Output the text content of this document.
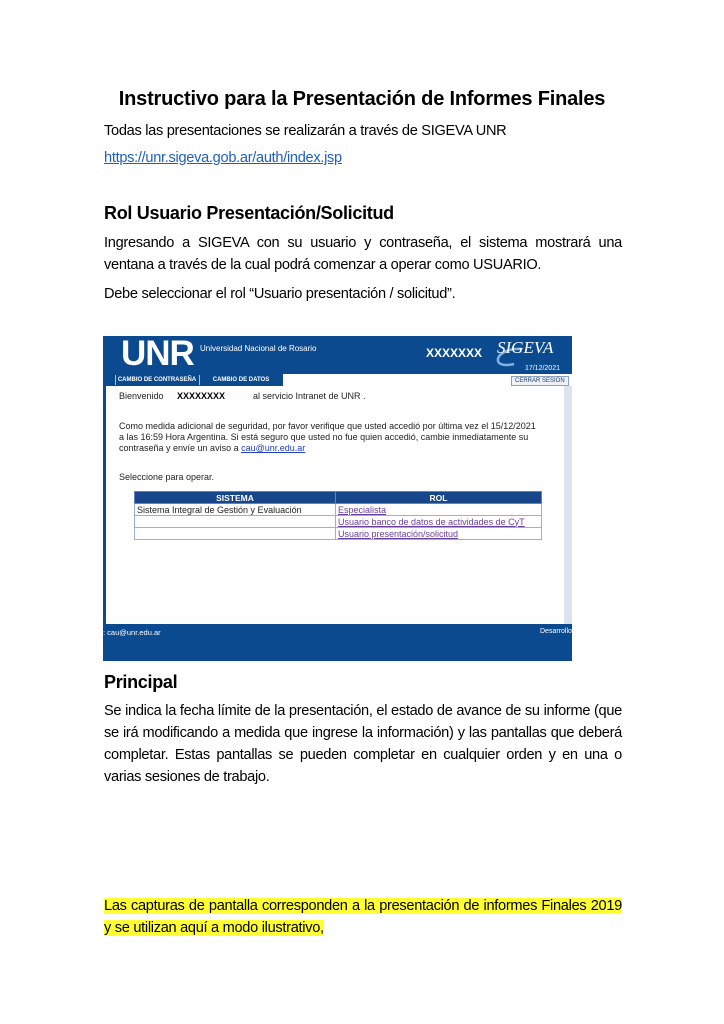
Instructivo para la Presentación de Informes Finales
Todas las presentaciones se realizarán a través de SIGEVA UNR
https://unr.sigeva.gob.ar/auth/index.jsp
Rol Usuario Presentación/Solicitud
Ingresando a SIGEVA con su usuario y contraseña, el sistema mostrará una ventana a través de la cual podrá comenzar a operar como USUARIO.
Debe seleccionar el rol “Usuario presentación / solicitud”.
UNR Universidad Nacional de Rosario	XXXXXXX SIGEVA
17/12/2021
CAMBIO DE CONTRASEÑA	CAMBIO DE DATOS	CERRAR SESIÓN
Bienvenido XXXXXXXX	al servicio Intranet de UNR .
Como medida adicional de seguridad, por favor verifique que usted accedió por última vez el 15/12/2021
a las 16:59 Hora Argentina. Si está seguro que usted no fue quien accedió, cambie inmediatamente su
contraseña y envíe un aviso a cau@unr.edu.ar
Seleccione para operar.
SISTEMA	ROL
Sistema Integral de Gestión y Evaluación	Especialista
	Usuario banco de datos de actividades de CyT
	Usuario presentación/solicitud
: cau@unr.edu.ar	Desarrollo
Principal
Se indica la fecha límite de la presentación, el estado de avance de su informe (que se irá modificando a medida que ingrese la información) y las pantallas que deberá completar. Estas pantallas se pueden completar en cualquier orden y en una o varias sesiones de trabajo.
Las capturas de pantalla corresponden a la presentación de informes Finales 2019 y se utilizan aquí a modo ilustrativo,
